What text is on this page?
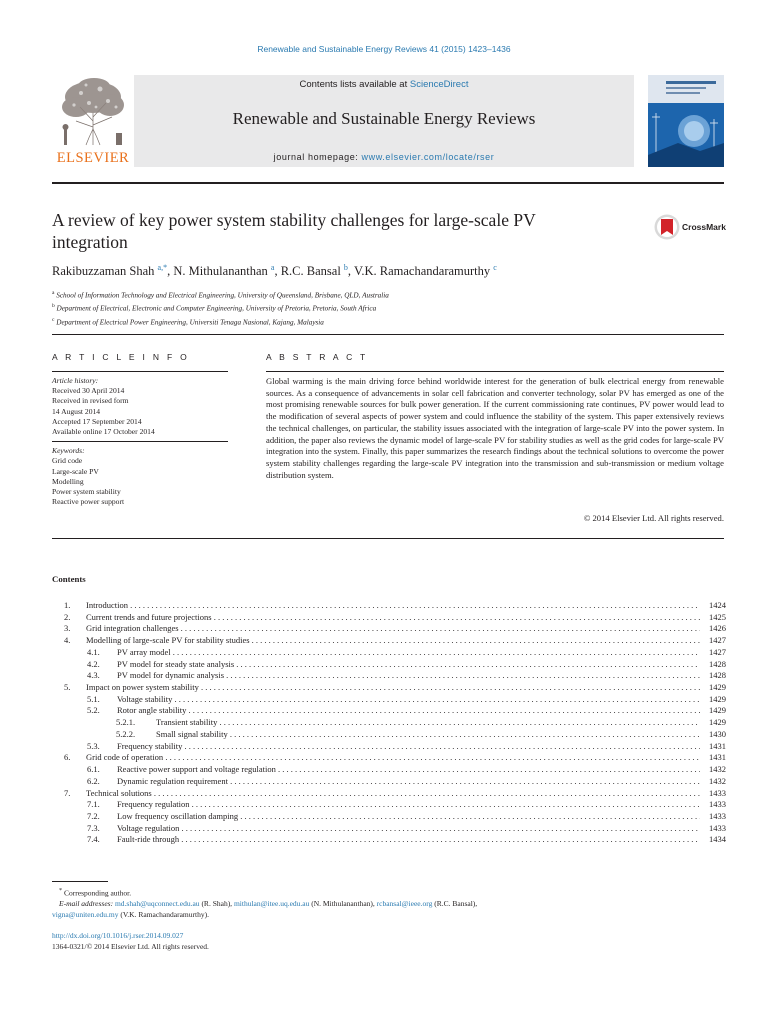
Renewable and Sustainable Energy Reviews 41 (2015) 1423–1436
ELSEVIER
Contents lists available at ScienceDirect
Renewable and Sustainable Energy Reviews
journal homepage: www.elsevier.com/locate/rser
A review of key power system stability challenges for large-scale PV integration
CrossMark
Rakibuzzaman Shah $^{a,*}$, N. Mithulananthan $^a$, R.C. Bansal $^b$, V.K. Ramachandaramurthy $^c$
$^a$ School of Information Technology and Electrical Engineering, University of Queensland, Brisbane, QLD, Australia
$^b$ Department of Electrical, Electronic and Computer Engineering, University of Pretoria, Pretoria, South Africa
$^c$ Department of Electrical Power Engineering, Universiti Tenaga Nasional, Kajang, Malaysia
A R T I C L E I N F O	A B S T R A C T
Article history:
Received 30 April 2014
Received in revised form
14 August 2014
Accepted 17 September 2014
Available online 17 October 2014
Keywords:
Grid code
Large-scale PV
Modelling
Power system stability
Reactive power support
Global warming is the main driving force behind worldwide interest for the generation of bulk electrical energy from renewable sources. As a consequence of advancements in solar cell fabrication and converter technology, solar PV has emerged as one of the most promising renewable sources for bulk power generation. If the current commissioning rate continues, PV power would lead to the modification of several aspects of power system and could influence the stability of the system. This paper extensively reviews the technical challenges, on particular, the stability issues associated with the integration of large-scale PV into the power system. In addition, the paper also reviews the dynamic model of large-scale PV for stability studies as well as the grid codes for large-scale PV integration into the system. Finally, this paper summarizes the research findings about the technical solutions to overcome the power system stability challenges regarding the large-scale PV integration into the transmission and sub-transmission or medium voltage distribution system.
© 2014 Elsevier Ltd. All rights reserved.
Contents
1. Introduction . . .	1424
2. Current trends and future projections . . .	1425
3. Grid integration challenges . . .	1426
4. Modelling of large-scale PV for stability studies . . .	1427
4.1. PV array model . . .	1427
4.2. PV model for steady state analysis . . .	1428
4.3. PV model for dynamic analysis . . .	1428
5. Impact on power system stability . . .	1429
5.1. Voltage stability . . .	1429
5.2. Rotor angle stability . . .	1429
5.2.1. Transient stability . . .	1429
5.2.2. Small signal stability . . .	1430
5.3. Frequency stability . . .	1431
6. Grid code of operation . . .	1431
6.1. Reactive power support and voltage regulation . . .	1432
6.2. Dynamic regulation requirement . . .	1432
7. Technical solutions . . .	1433
7.1. Frequency regulation . . .	1433
7.2. Low frequency oscillation damping . . .	1433
7.3. Voltage regulation . . .	1433
7.4. Fault-ride through . . .	1434
* Corresponding author.
E-mail addresses: md.shah@uqconnect.edu.au (R. Shah), mithulan@itee.uq.edu.au (N. Mithulananthan), rcbansal@ieee.org (R.C. Bansal),
vigna@uniten.edu.my (V.K. Ramachandaramurthy).
http://dx.doi.org/10.1016/j.rser.2014.09.027
1364-0321/© 2014 Elsevier Ltd. All rights reserved.
